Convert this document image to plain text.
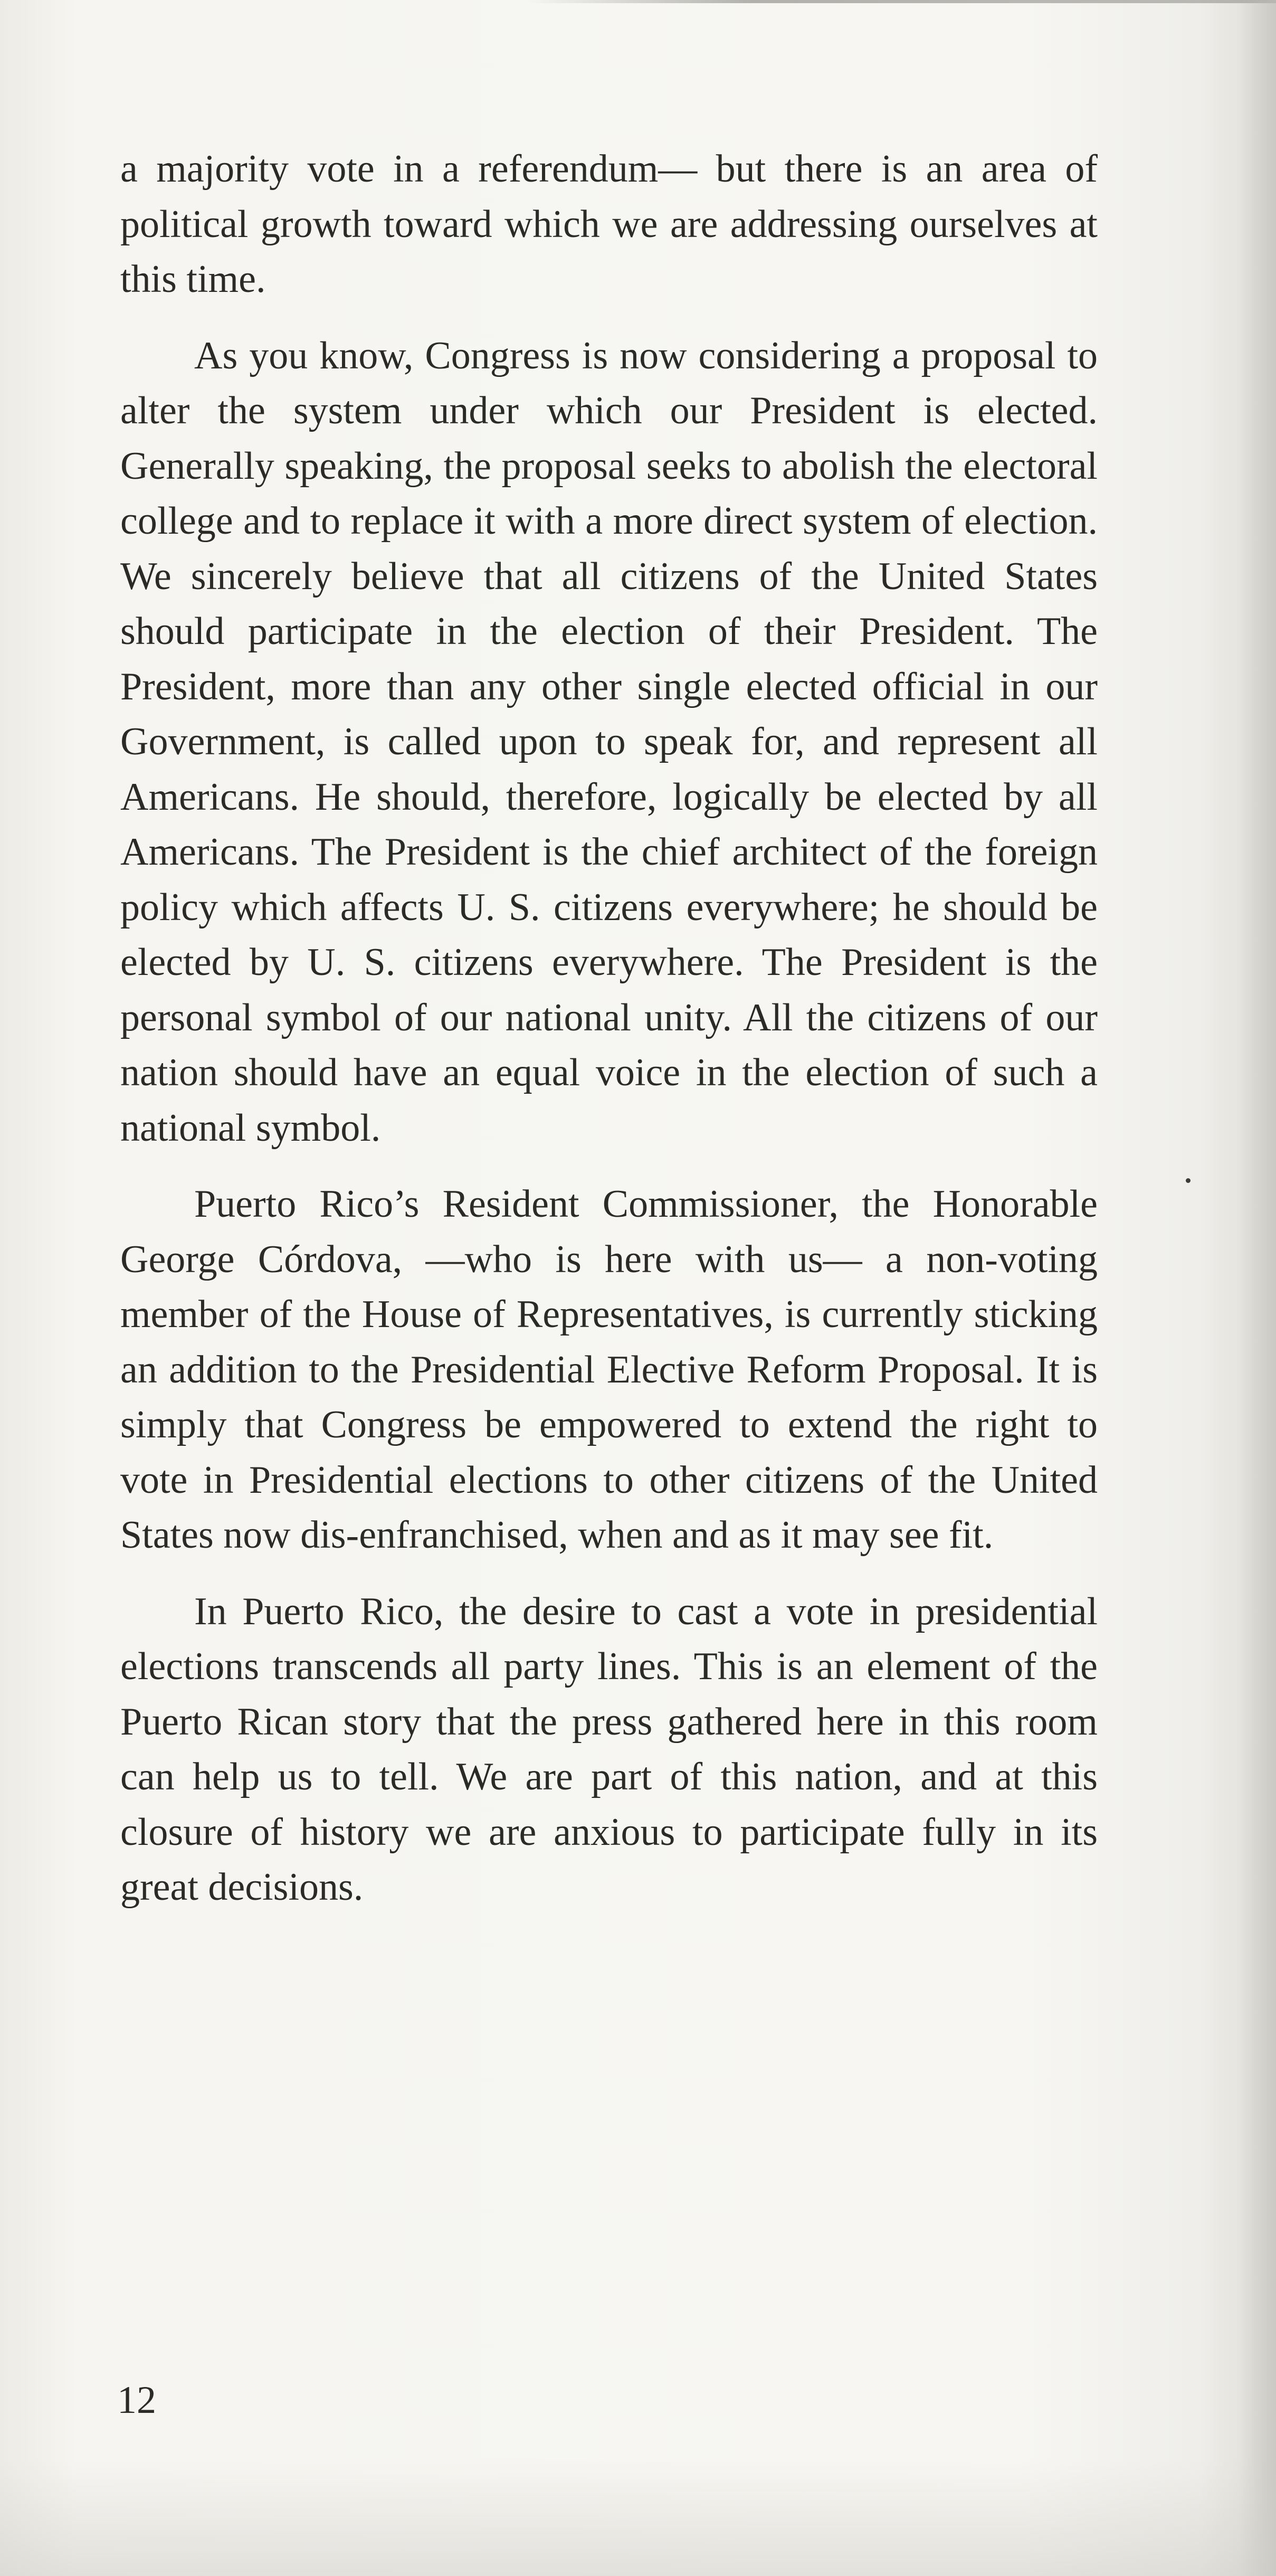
a majority vote in a referendum— but there is an area of political growth toward which we are addressing ourselves at this time.

As you know, Congress is now considering a proposal to alter the system under which our President is elected. Generally speaking, the proposal seeks to abolish the electoral college and to replace it with a more direct system of election. We sincerely believe that all citizens of the United States should participate in the election of their President. The President, more than any other single elected official in our Government, is called upon to speak for, and represent all Americans. He should, therefore, logically be elected by all Americans. The President is the chief architect of the foreign policy which affects U. S. citizens everywhere; he should be elected by U. S. citizens everywhere. The President is the personal symbol of our national unity. All the citizens of our nation should have an equal voice in the election of such a national symbol.

Puerto Rico’s Resident Commissioner, the Honorable George Córdova, —who is here with us— a non-voting member of the House of Representatives, is currently sticking an addition to the Presidential Elective Reform Proposal. It is simply that Congress be empowered to extend the right to vote in Presidential elections to other citizens of the United States now dis-enfranchised, when and as it may see fit.

In Puerto Rico, the desire to cast a vote in presidential elections transcends all party lines. This is an element of the Puerto Rican story that the press gathered here in this room can help us to tell. We are part of this nation, and at this closure of history we are anxious to participate fully in its great decisions.

12
